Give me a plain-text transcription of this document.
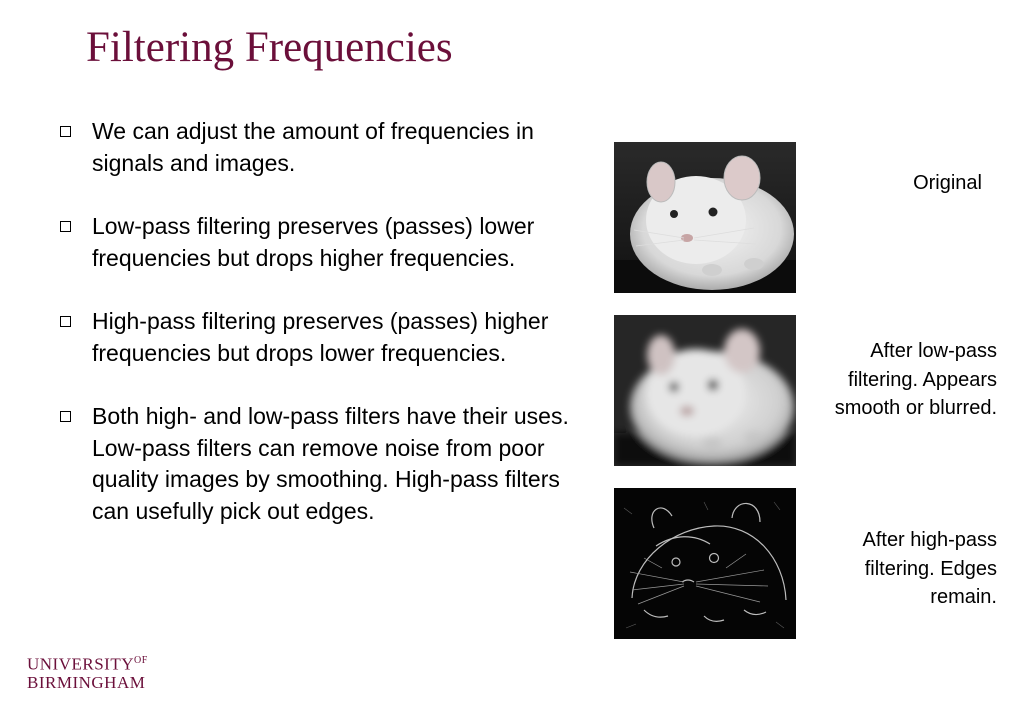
Filtering Frequencies
We can adjust the amount of frequencies in signals and images.
Low-pass filtering preserves (passes) lower frequencies but drops higher frequencies.
High-pass filtering preserves (passes) higher frequencies but drops lower frequencies.
Both high- and low-pass filters have their uses. Low-pass filters can remove noise from poor quality images by smoothing. High-pass filters can usefully pick out edges.
Original
After low-pass filtering. Appears smooth or blurred.
After high-pass filtering. Edges remain.
$UNIVERSITY^{OF}$
BIRMINGHAM
